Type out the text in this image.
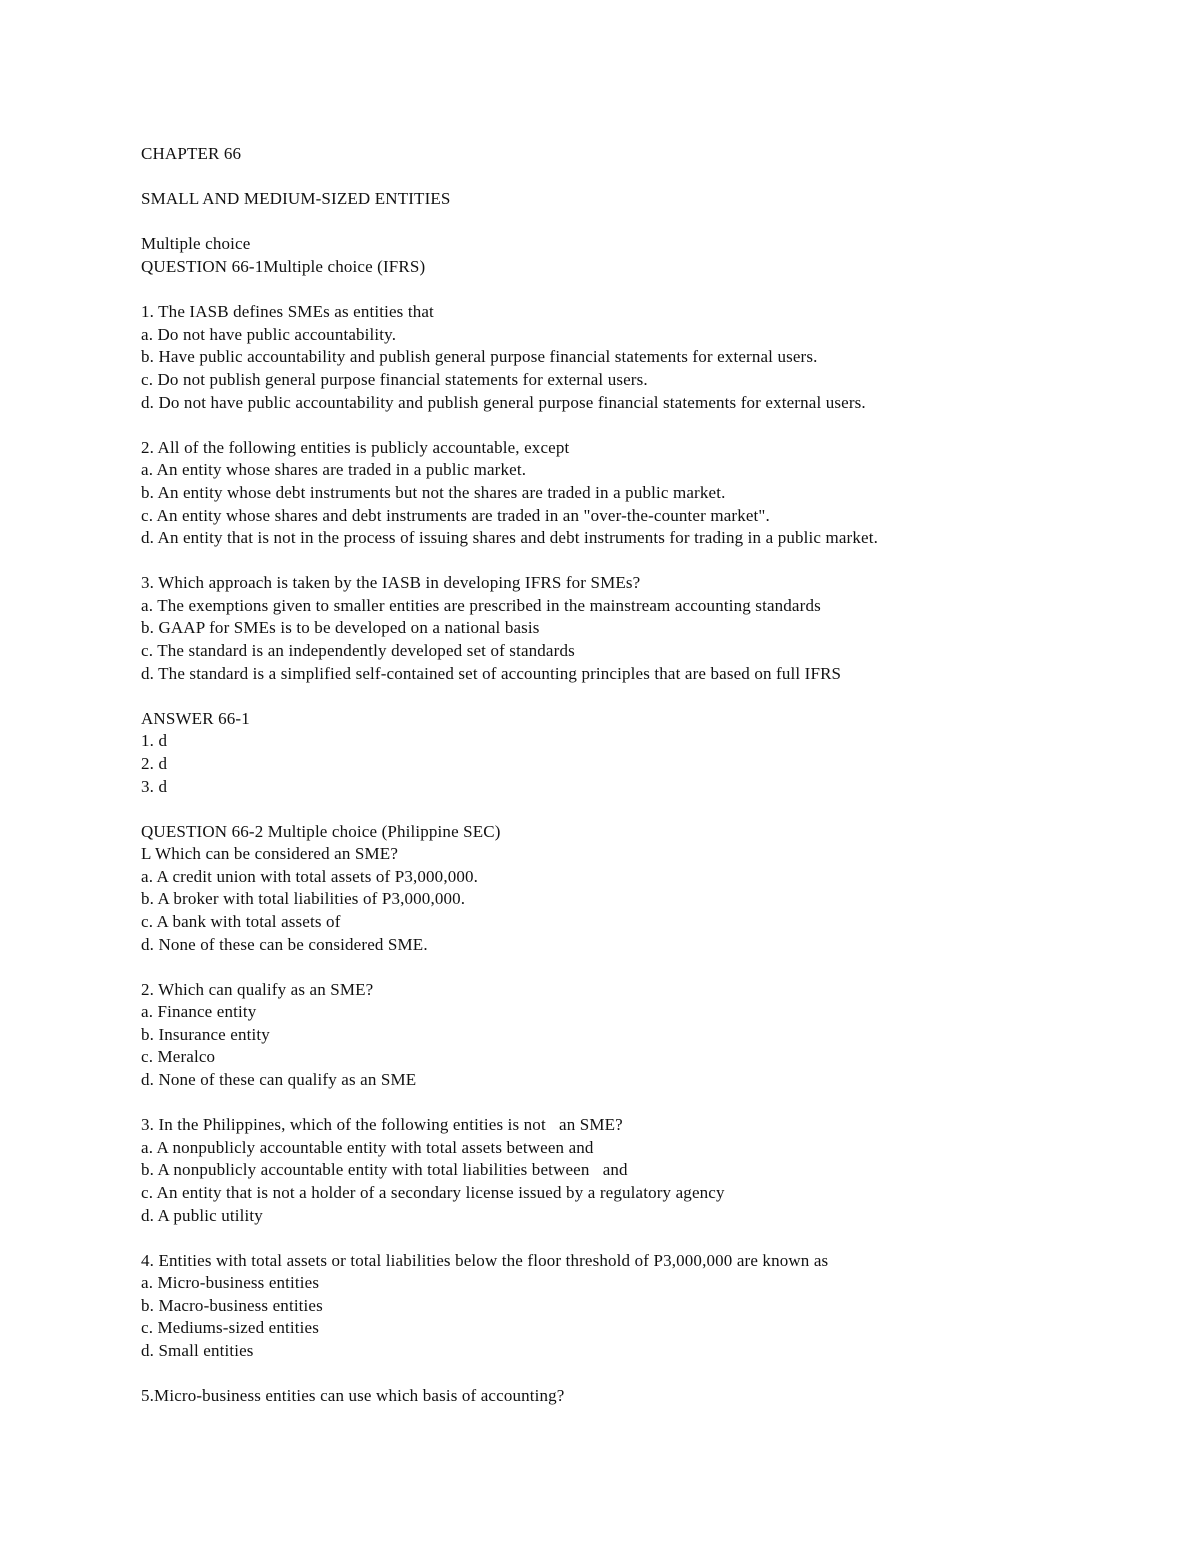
CHAPTER 66
SMALL AND MEDIUM-SIZED ENTITIES
Multiple choice
QUESTION 66-1Multiple choice (IFRS)
1. The IASB defines SMEs as entities that
a. Do not have public accountability.
b. Have public accountability and publish general purpose financial statements for external users.
c. Do not publish general purpose financial statements for external users.
d. Do not have public accountability and publish general purpose financial statements for external users.
2. All of the following entities is publicly accountable, except
a. An entity whose shares are traded in a public market.
b. An entity whose debt instruments but not the shares are traded in a public market.
c. An entity whose shares and debt instruments are traded in an "over-the-counter market".
d. An entity that is not in the process of issuing shares and debt instruments for trading in a public market.
3. Which approach is taken by the IASB in developing IFRS for SMEs?
a. The exemptions given to smaller entities are prescribed in the mainstream accounting standards
b. GAAP for SMEs is to be developed on a national basis
c. The standard is an independently developed set of standards
d. The standard is a simplified self-contained set of accounting principles that are based on full IFRS
ANSWER 66-1
1. d
2. d
3. d
QUESTION 66-2 Multiple choice (Philippine SEC)
L Which can be considered an SME?
a. A credit union with total assets of P3,000,000.
b. A broker with total liabilities of P3,000,000.
c. A bank with total assets of
d. None of these can be considered SME.
2. Which can qualify as an SME?
a. Finance entity
b. Insurance entity
c. Meralco
d. None of these can qualify as an SME
3. In the Philippines, which of the following entities is not   an SME?
a. A nonpublicly accountable entity with total assets between and
b. A nonpublicly accountable entity with total liabilities between   and
c. An entity that is not a holder of a secondary license issued by a regulatory agency
d. A public utility
4. Entities with total assets or total liabilities below the floor threshold of P3,000,000 are known as
a. Micro-business entities
b. Macro-business entities
c. Mediums-sized entities
d. Small entities
5.Micro-business entities can use which basis of accounting?
